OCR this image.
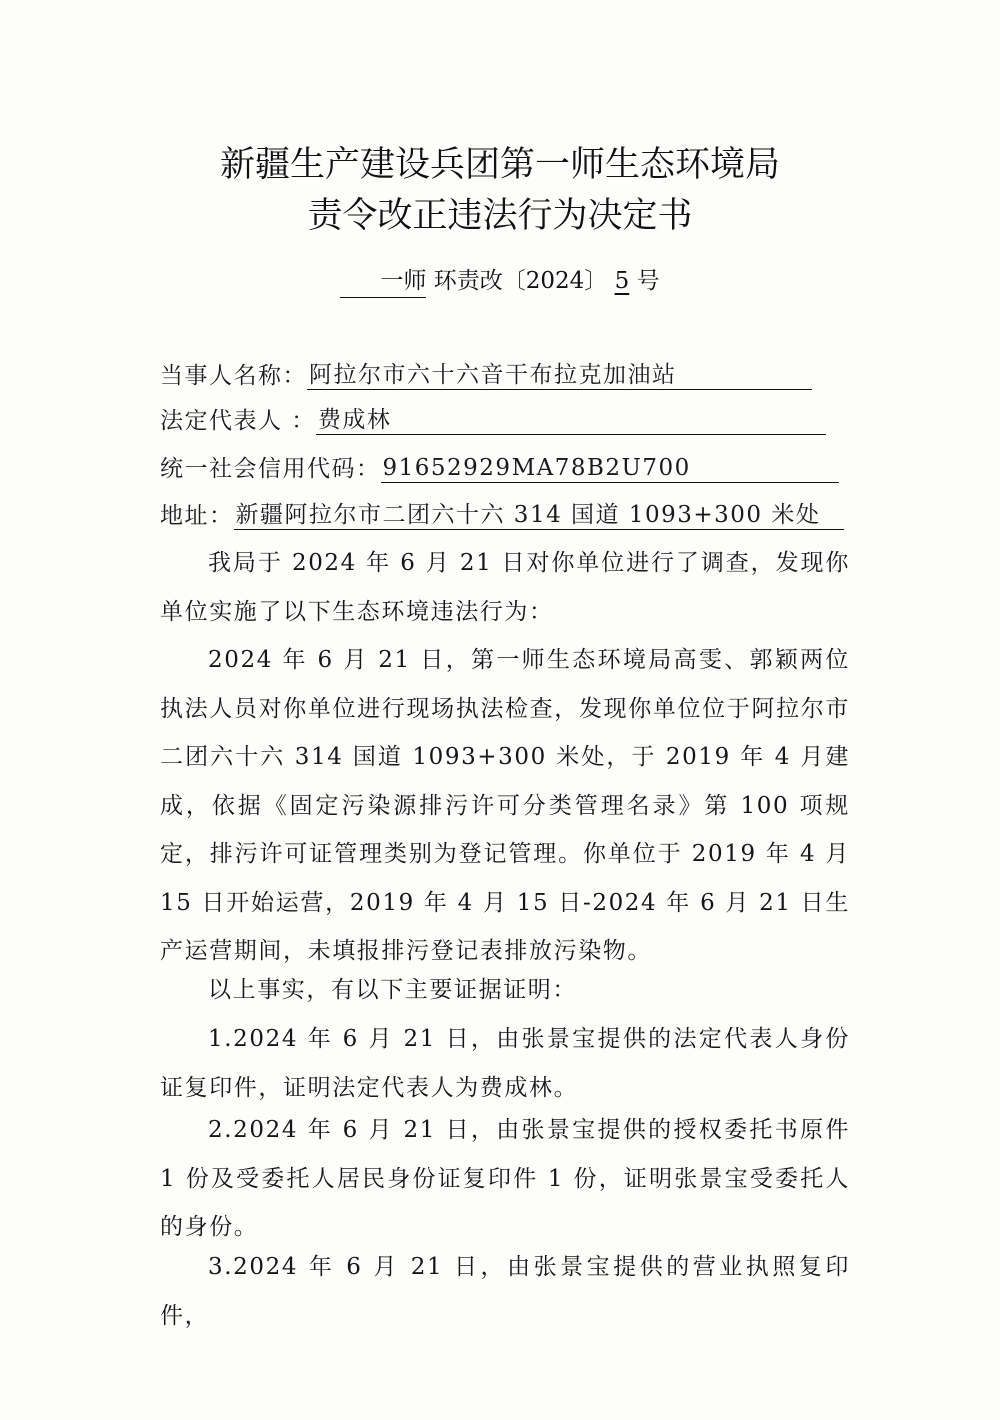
新疆生产建设兵团第一师生态环境局
责令改正违法行为决定书
一师 环责改〔2024〕 5 号
当事人名称： 阿拉尔市六十六音干布拉克加油站
法定代表人 ： 费成林
统一社会信用代码： 91652929MA78B2U700
地址： 新疆阿拉尔市二团六十六 314 国道 1093+300 米处
我局于 2024 年 6 月 21 日对你单位进行了调查，发现你单位实施了以下生态环境违法行为：
2024 年 6 月 21 日，第一师生态环境局高雯、郭颖两位执法人员对你单位进行现场执法检查，发现你单位位于阿拉尔市二团六十六 314 国道 1093+300 米处，于 2019 年 4 月建成，依据《固定污染源排污许可分类管理名录》第 100 项规定，排污许可证管理类别为登记管理。你单位于 2019 年 4 月 15 日开始运营，2019 年 4 月 15 日-2024 年 6 月 21 日生产运营期间，未填报排污登记表排放污染物。
以上事实，有以下主要证据证明：
1.2024 年 6 月 21 日，由张景宝提供的法定代表人身份证复印件，证明法定代表人为费成林。
2.2024 年 6 月 21 日，由张景宝提供的授权委托书原件 1 份及受委托人居民身份证复印件 1 份，证明张景宝受委托人的身份。
3.2024 年 6 月 21 日，由张景宝提供的营业执照复印件，
